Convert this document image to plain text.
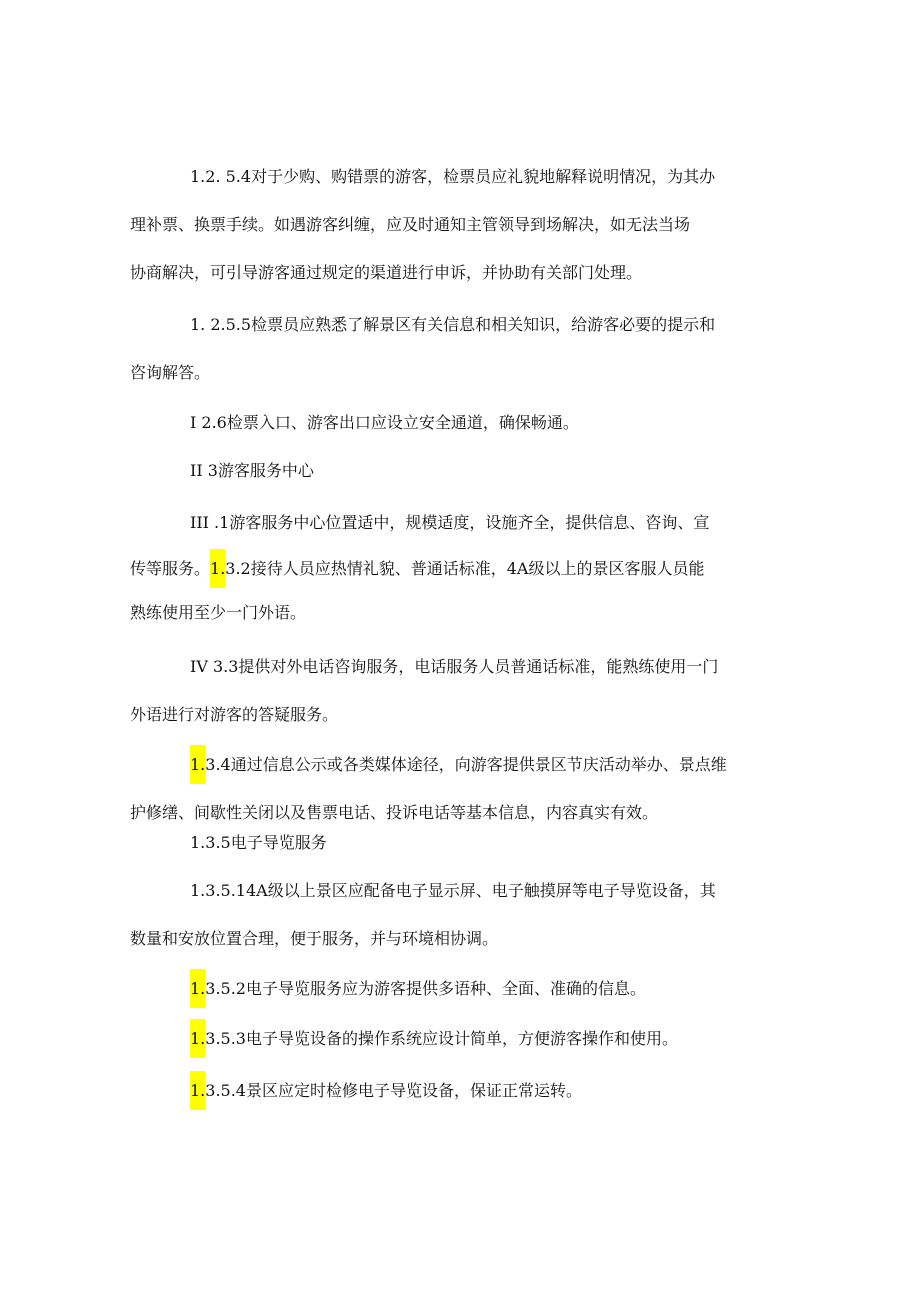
1.2. 5.4对于少购、购错票的游客，检票员应礼貌地解释说明情况，为其办
理补票、换票手续。如遇游客纠缠，应及时通知主管领导到场解决，如无法当场
协商解决，可引导游客通过规定的渠道进行申诉，并协助有关部门处理。
1. 2.5.5检票员应熟悉了解景区有关信息和相关知识，给游客必要的提示和
咨询解答。
I 2.6检票入口、游客出口应设立安全通道，确保畅通。
II 3游客服务中心
III .1游客服务中心位置适中，规模适度，设施齐全，提供信息、咨询、宣
传等服务。1.3.2接待人员应热情礼貌、普通话标准，4A级以上的景区客服人员能
熟练使用至少一门外语。
IV 3.3提供对外电话咨询服务，电话服务人员普通话标准，能熟练使用一门
外语进行对游客的答疑服务。
1.3.4通过信息公示或各类媒体途径，向游客提供景区节庆活动举办、景点维
护修缮、间歇性关闭以及售票电话、投诉电话等基本信息，内容真实有效。
1.3.5电子导览服务
1.3.5.14A级以上景区应配备电子显示屏、电子触摸屏等电子导览设备，其
数量和安放位置合理，便于服务，并与环境相协调。
1.3.5.2电子导览服务应为游客提供多语种、全面、准确的信息。
1.3.5.3电子导览设备的操作系统应设计简单，方便游客操作和使用。
1.3.5.4景区应定时检修电子导览设备，保证正常运转。
